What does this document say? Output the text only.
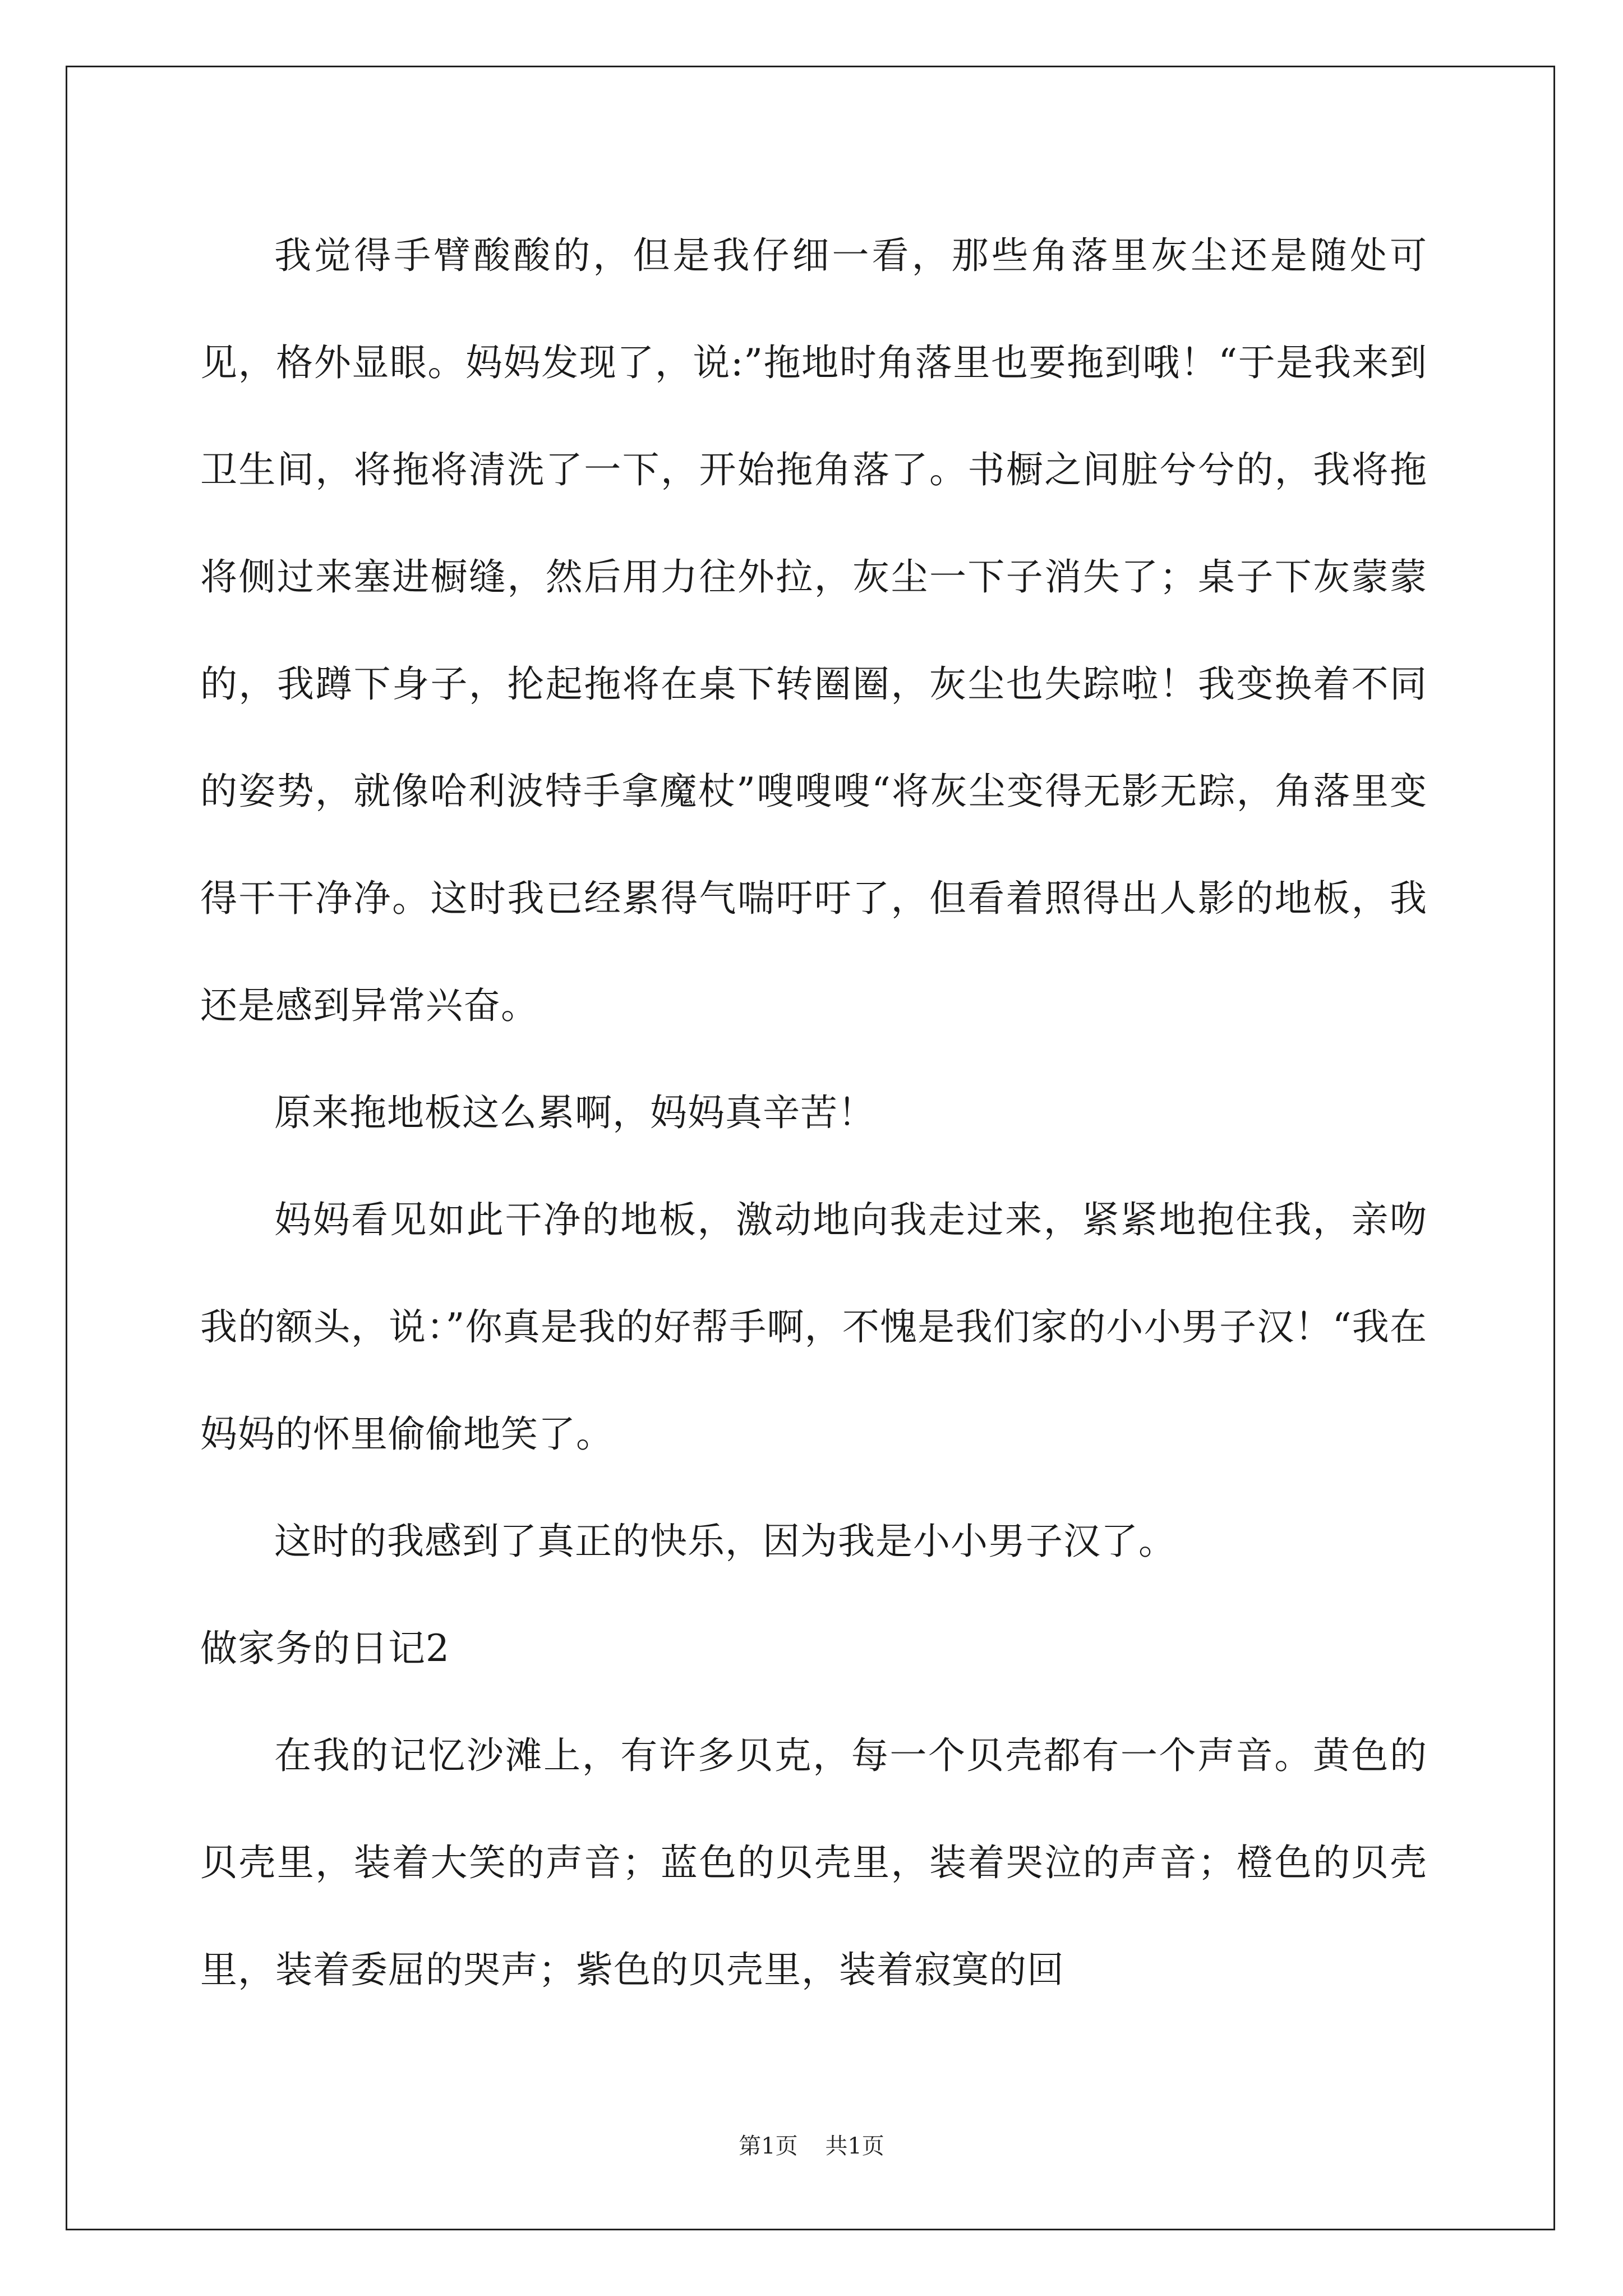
我觉得手臂酸酸的，但是我仔细一看，那些角落里灰尘还是随处可见，格外显眼。妈妈发现了，说:”拖地时角落里也要拖到哦！“于是我来到卫生间，将拖将清洗了一下，开始拖角落了。书橱之间脏兮兮的，我将拖将侧过来塞进橱缝，然后用力往外拉，灰尘一下子消失了；桌子下灰蒙蒙的，我蹲下身子，抡起拖将在桌下转圈圈，灰尘也失踪啦！我变换着不同的姿势，就像哈利波特手拿魔杖”嗖嗖嗖“将灰尘变得无影无踪，角落里变得干干净净。这时我已经累得气喘吁吁了，但看着照得出人影的地板，我还是感到异常兴奋。

原来拖地板这么累啊，妈妈真辛苦！

妈妈看见如此干净的地板，激动地向我走过来，紧紧地抱住我，亲吻我的额头，说：”你真是我的好帮手啊，不愧是我们家的小小男子汉！“我在妈妈的怀里偷偷地笑了。

这时的我感到了真正的快乐，因为我是小小男子汉了。

做家务的日记2

在我的记忆沙滩上，有许多贝克，每一个贝壳都有一个声音。黄色的贝壳里，装着大笑的声音；蓝色的贝壳里，装着哭泣的声音；橙色的贝壳里，装着委屈的哭声；紫色的贝壳里，装着寂寞的回

第1页 共1页
